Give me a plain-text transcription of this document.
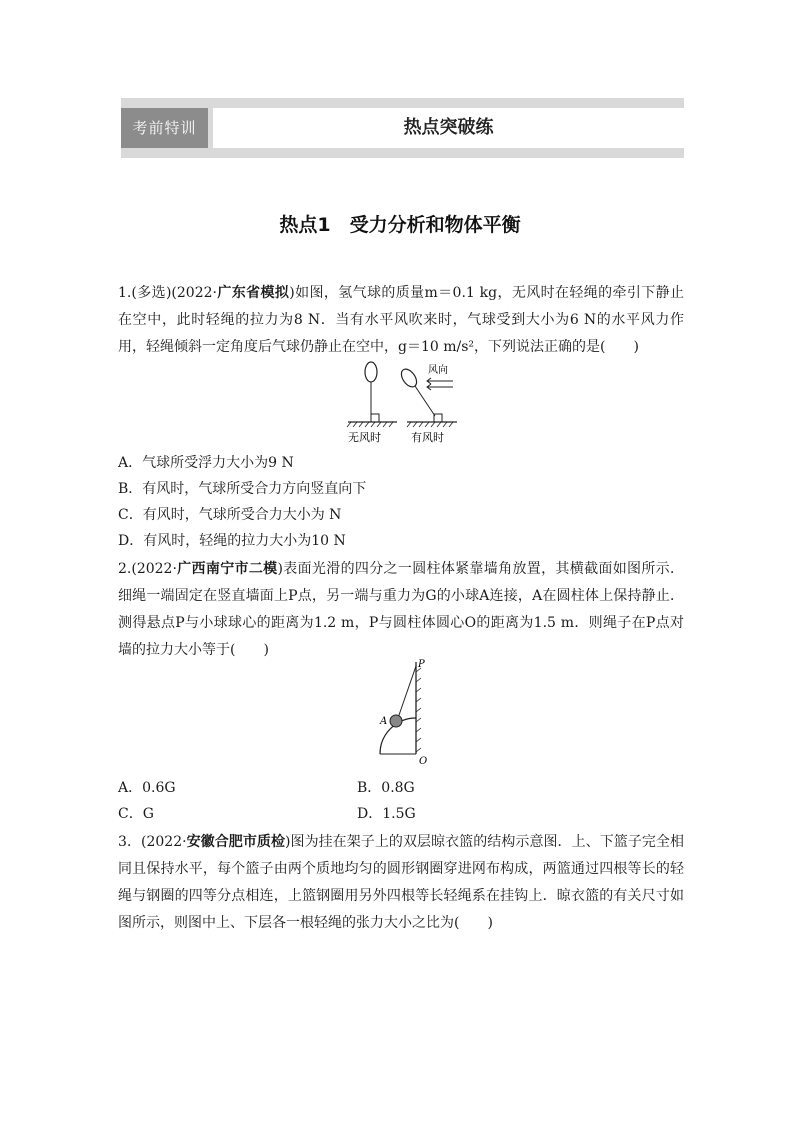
考前特训	热点突破练
热点1　受力分析和物体平衡
1.(多选)(2022·广东省模拟)如图，氢气球的质量m＝0.1 kg，无风时在轻绳的牵引下静止在空中，此时轻绳的拉力为8 N．当有水平风吹来时，气球受到大小为6 N的水平风力作用，轻绳倾斜一定角度后气球仍静止在空中，g＝10 m/s²，下列说法正确的是(　　)
风向
无风时	有风时
A．气球所受浮力大小为9 N
B．有风时，气球所受合力方向竖直向下
C．有风时，气球所受合力大小为 N
D．有风时，轻绳的拉力大小为10 N
2.(2022·广西南宁市二模)表面光滑的四分之一圆柱体紧靠墙角放置，其横截面如图所示．细绳一端固定在竖直墙面上P点，另一端与重力为G的小球A连接，A在圆柱体上保持静止．测得悬点P与小球球心的距离为1.2 m，P与圆柱体圆心O的距离为1.5 m．则绳子在P点对墙的拉力大小等于(　　)
P
A
O
A．0.6G	B．0.8G
C．G	D．1.5G
3．(2022·安徽合肥市质检)图为挂在架子上的双层晾衣篮的结构示意图．上、下篮子完全相同且保持水平，每个篮子由两个质地均匀的圆形钢圈穿进网布构成，两篮通过四根等长的轻绳与钢圈的四等分点相连，上篮钢圈用另外四根等长轻绳系在挂钩上．晾衣篮的有关尺寸如图所示，则图中上、下层各一根轻绳的张力大小之比为(　　)
